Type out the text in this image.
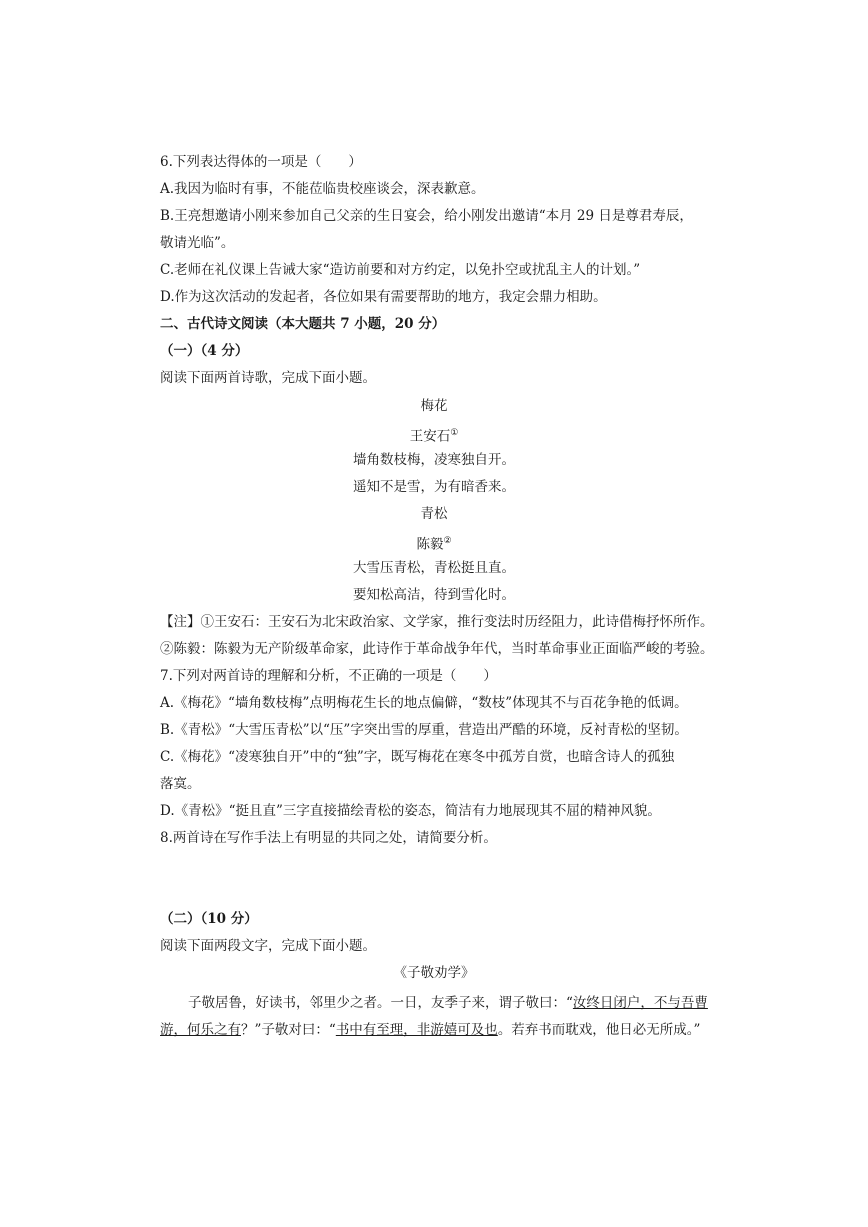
6.下列表达得体的一项是（　　）
A.我因为临时有事，不能莅临贵校座谈会，深表歉意。
B.王亮想邀请小刚来参加自己父亲的生日宴会，给小刚发出邀请“本月 29 日是尊君寿辰，
敬请光临”。
C.老师在礼仪课上告诫大家“造访前要和对方约定，以免扑空或扰乱主人的计划。”
D.作为这次活动的发起者，各位如果有需要帮助的地方，我定会鼎力相助。
二、古代诗文阅读（本大题共 7 小题，20 分）
（一）（4 分）
阅读下面两首诗歌，完成下面小题。
梅花
王安石①
墙角数枝梅，凌寒独自开。
遥知不是雪，为有暗香来。
青松
陈毅②
大雪压青松，青松挺且直。
要知松高洁，待到雪化时。
【注】①王安石：王安石为北宋政治家、文学家，推行变法时历经阻力，此诗借梅抒怀所作。
②陈毅：陈毅为无产阶级革命家，此诗作于革命战争年代，当时革命事业正面临严峻的考验。
7.下列对两首诗的理解和分析，不正确的一项是（　　）
A.《梅花》“墙角数枝梅”点明梅花生长的地点偏僻，“数枝”体现其不与百花争艳的低调。
B.《青松》“大雪压青松”以“压”字突出雪的厚重，营造出严酷的环境，反衬青松的坚韧。
C.《梅花》“凌寒独自开”中的“独”字，既写梅花在寒冬中孤芳自赏，也暗含诗人的孤独
落寞。
D.《青松》“挺且直”三字直接描绘青松的姿态，简洁有力地展现其不屈的精神风貌。
8.两首诗在写作手法上有明显的共同之处，请简要分析。
（二）（10 分）
阅读下面两段文字，完成下面小题。
《子敬劝学》
子敬居鲁，好读书，邻里少之者。一日，友季子来，谓子敬曰：“汝终日闭户，不与吾曹游，何乐之有？”子敬对曰：“书中有至理，非游嬉可及也。若弃书而耽戏，他日必无所成。”
